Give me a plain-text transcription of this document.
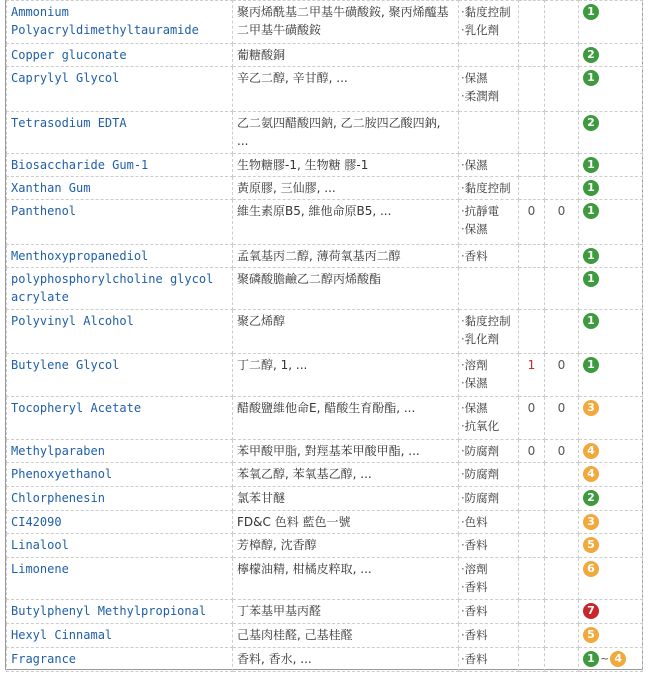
Ammonium Polyacryldimethyltauramide	聚丙烯酰基二甲基牛磺酸銨, 聚丙烯醯基二甲基牛磺酸銨	· 黏度控制
· 乳化劑			1
Copper gluconate	葡糖酸銅				2
Caprylyl Glycol	辛乙二醇, 辛甘醇, ...	· 保濕
· 柔潤劑			1
Tetrasodium EDTA	乙二氨四醋酸四鈉, 乙二胺四乙酸四鈉, ...				2
Biosaccharide Gum-1	生物糖膠-1, 生物糖 膠-1	· 保濕			1
Xanthan Gum	黃原膠, 三仙膠, ...	· 黏度控制			1
Panthenol	維生素原B5, 維他命原B5, ...	· 抗靜電
· 保濕	0	0	1
Menthoxypropanediol	孟氧基丙二醇, 薄荷氧基丙二醇	· 香料			1
polyphosphorylcholine glycol acrylate	聚磷酸膽鹼乙二醇丙烯酸酯				1
Polyvinyl Alcohol	聚乙烯醇	· 黏度控制
· 乳化劑			1
Butylene Glycol	丁二醇, 1, ...	· 溶劑
· 保濕	1	0	1
Tocopheryl Acetate	醋酸鹽維他命E, 醋酸生育酚酯, ...	· 保濕
· 抗氧化	0	0	3
Methylparaben	苯甲酸甲脂, 對羥基苯甲酸甲酯, ...	· 防腐劑	0	0	4
Phenoxyethanol	苯氧乙醇, 苯氧基乙醇, ...	· 防腐劑			4
Chlorphenesin	氯苯甘醚	· 防腐劑			2
CI42090	FD&C 色料 藍色一號	· 色料			3
Linalool	芳樟醇, 沈香醇	· 香料			5
Limonene	檸檬油精, 柑橘皮粹取, ...	· 溶劑
· 香料			6
Butylphenyl Methylpropional	丁苯基甲基丙醛	· 香料			7
Hexyl Cinnamal	己基肉桂醛, 己基桂醛	· 香料			5
Fragrance	香料, 香水, ...	· 香料			1 ~ 4
